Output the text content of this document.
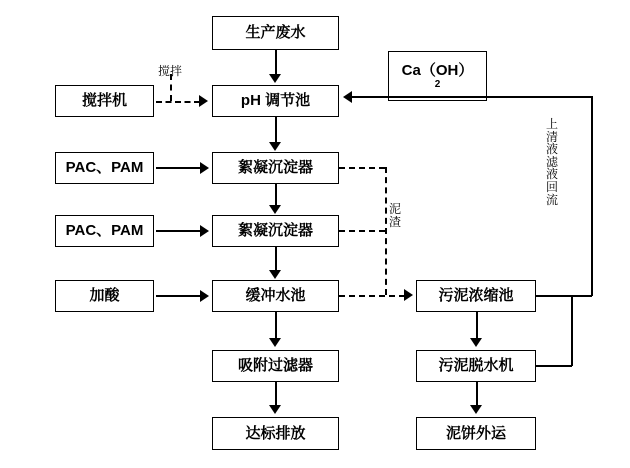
生产废水
Ca（OH）
2
搅拌机	pH 调节池
PAC、PAM	絮凝沉淀器
PAC、PAM	絮凝沉淀器
加酸	缓冲水池
吸附过滤器
达标排放
污泥浓缩池
污泥脱水机
泥饼外运
搅拌
泥渣
上清液滤液回流
